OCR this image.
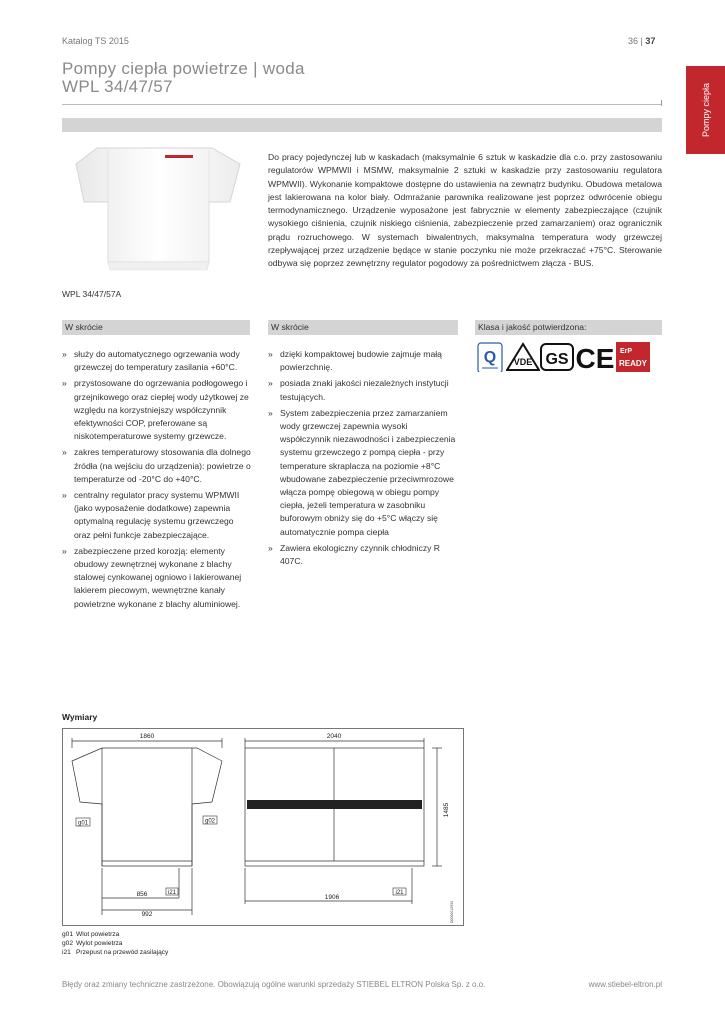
Katalog TS 2015	36 | 37
Pompy ciepła powietrze | woda
WPL 34/47/57	Pompy ciepła
WPL 34/47/57A
Do pracy pojedynczej lub w kaskadach (maksymalnie 6 sztuk w kaskadzie dla c.o. przy zastosowaniu regulatorów WPMWII i MSMW, maksymalnie 2 sztuki w kaskadzie przy zastosowaniu regulatora WPMWII). Wykonanie kompaktowe dostępne do ustawienia na zewnątrz budynku. Obudowa metalowa jest lakierowana na kolor biały. Odmrażanie parownika realizowane jest poprzez odwrócenie obiegu termodynamicznego. Urządzenie wyposażone jest fabrycznie w elementy zabezpieczające (czujnik wysokiego ciśnienia, czujnik niskiego ciśnienia, zabezpieczenie przed zamarzaniem) oraz ogranicznik prądu rozruchowego. W systemach biwalentnych, maksymalna temperatura wody grzewczej rzepływającej przez urządzenie będące w stanie poczynku nie może przekraczać +75°C. Sterowanie odbywa się poprzez zewnętrzny regulator pogodowy za pośrednictwem złącza - BUS.
W skrócie
» służy do automatycznego ogrzewania wody grzewczej do temperatury zasilania +60°C.
» przystosowane do ogrzewania podłogowego i grzejnikowego oraz ciepłej wody użytkowej ze względu na korzystniejszy współczynnik efektywności COP, preferowane są niskotemperaturowe systemy grzewcze.
» zakres temperaturowy stosowania dla dolnego źródła (na wejściu do urządzenia): powietrze o temperaturze od -20°C do +40°C.
» centralny regulator pracy systemu WPMWII (jako wyposażenie dodatkowe) zapewnia optymalną regulację systemu grzewczego oraz pełni funkcje zabezpieczające.
» zabezpieczene przed korozją: elementy obudowy zewnętrznej wykonane z blachy stalowej cynkowanej ogniowo i lakierowanej lakierem piecowym, wewnętrzne kanały powietrzne wykonane z blachy aluminiowej.
W skrócie
» dzięki kompaktowej budowie zajmuje małą powierzchnię.
» posiada znaki jakości niezależnych instytucji testujących.
» System zabezpieczenia przez zamarzaniem wody grzewczej zapewnia wysoki współczynnik niezawodności i zabezpieczenia systemu grzewczego z pompą ciepła - przy temperature skraplacza na poziomie +8°C wbudowane zabezpieczenie przeciwmrozowe włącza pompę obiegową w obiegu pompy ciepła, jeżeli temperatura w zasobniku buforowym obniży się do +5°C włączy się automatycznie pompa ciepła
» Zawiera ekologiczny czynnik chłodniczy R 407C.
Klasa i jakość potwierdzona:
Q VDE GS CE ErP
READY
Wymiary
1860	2040
1485
856
992
1906
g01	g02
i21	i21
D0000012934
g01 Wlot powietrza
g02 Wylot powietrza
i21 Przepust na przewód zasilający
Błędy oraz zmiany techniczne zastrzeżone. Obowiązują ogólne warunki sprzedaży STIEBEL ELTRON Polska Sp. z o.o.	www.stiebel-eltron.pl
